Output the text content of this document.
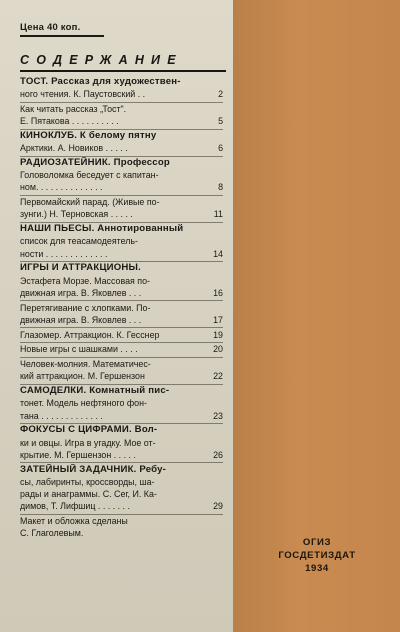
Цена 40 коп.
СОДЕРЖАНИЕ
ТОСТ. Рассказ для художествен-
ного чтения. К. Паустовский . .	2
Как читать рассказ „Тост".
Е. Пятакова . . . . . . . . . .	5
КИНОКЛУБ. К белому пятну
Арктики. А. Новиков . . . . .	6
РАДИОЗАТЕЙНИК. Профессор
Головоломка беседует с капитан-
ном. . . . . . . . . . . . . .	8
Первомайский парад. (Живые по-
зунги.) Н. Терновская . . . . .	11
НАШИ ПЬЕСЫ. Аннотированный
список для теасамодеятель-
ности . . . . . . . . . . . . .	14
ИГРЫ И АТТРАКЦИОНЫ.
Эстафета Морзе. Массовая по-
движная игра. В. Яковлев . . .	16
Перетягивание с хлопками. По-
движная игра. В. Яковлев . . .	17
Глазомер. Аттракцион. К. Гесснер	19
Новые игры с шашками . . . .	20
Человек-молния. Математичес-
кий аттракцион. М. Гершензон	22
САМОДЕЛКИ. Комнатный пис-
тонет. Модель нефтяного фон-
тана . . . . . . . . . . . . .	23
ФОКУСЫ С ЦИФРАМИ. Вол-
ки и овцы. Игра в угадку. Мое от-
крытие. М. Гершензон . . . . .	26
ЗАТЕЙНЫЙ ЗАДАЧНИК. Ребу-
сы, лабиринты, кроссворды, ша-
рады и анаграммы. С. Сег, И. Ка-
димов, Т. Лифшиц . . . . . . .	29
Макет и обложка сделаны
С. Глаголевым.
ОГИЗ
ГОСДЕТИЗДАТ
1934
